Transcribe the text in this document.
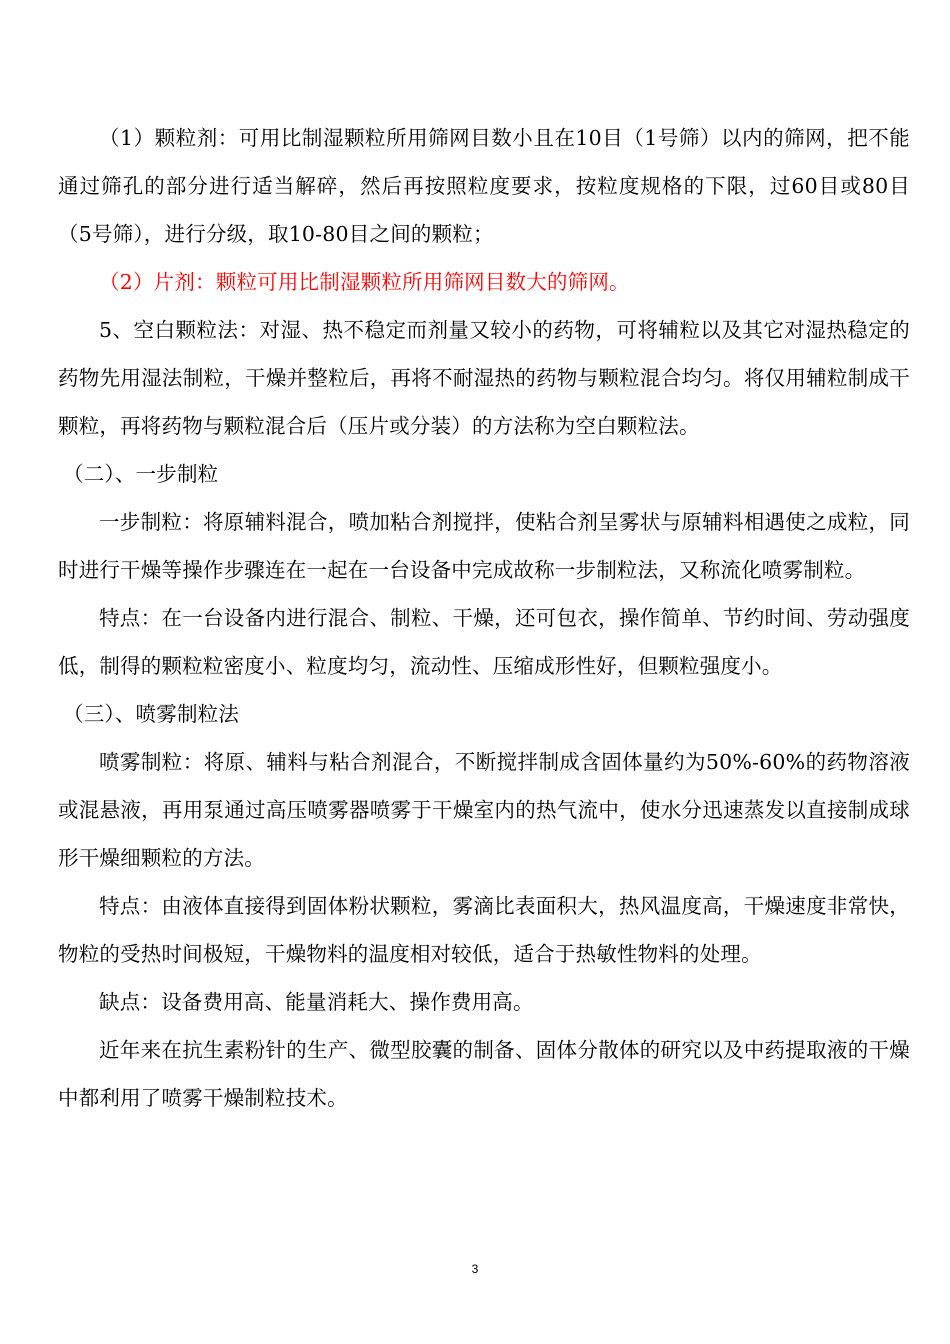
（1）颗粒剂：可用比制湿颗粒所用筛网目数小且在10目（1号筛）以内的筛网，把不能通过筛孔的部分进行适当解碎，然后再按照粒度要求，按粒度规格的下限，过60目或80目（5号筛），进行分级，取10-80目之间的颗粒；

（2）片剂：颗粒可用比制湿颗粒所用筛网目数大的筛网。

5、空白颗粒法：对湿、热不稳定而剂量又较小的药物，可将辅粒以及其它对湿热稳定的药物先用湿法制粒，干燥并整粒后，再将不耐湿热的药物与颗粒混合均匀。将仅用辅粒制成干颗粒，再将药物与颗粒混合后（压片或分装）的方法称为空白颗粒法。

（二）、一步制粒

一步制粒：将原辅料混合，喷加粘合剂搅拌，使粘合剂呈雾状与原辅料相遇使之成粒，同时进行干燥等操作步骤连在一起在一台设备中完成故称一步制粒法，又称流化喷雾制粒。

特点：在一台设备内进行混合、制粒、干燥，还可包衣，操作简单、节约时间、劳动强度低，制得的颗粒粒密度小、粒度均匀，流动性、压缩成形性好，但颗粒强度小。

（三）、喷雾制粒法

喷雾制粒：将原、辅料与粘合剂混合，不断搅拌制成含固体量约为50%-60%的药物溶液或混悬液，再用泵通过高压喷雾器喷雾于干燥室内的热气流中，使水分迅速蒸发以直接制成球形干燥细颗粒的方法。

特点：由液体直接得到固体粉状颗粒，雾滴比表面积大，热风温度高，干燥速度非常快，物粒的受热时间极短，干燥物料的温度相对较低，适合于热敏性物料的处理。

缺点：设备费用高、能量消耗大、操作费用高。

近年来在抗生素粉针的生产、微型胶囊的制备、固体分散体的研究以及中药提取液的干燥中都利用了喷雾干燥制粒技术。

3
